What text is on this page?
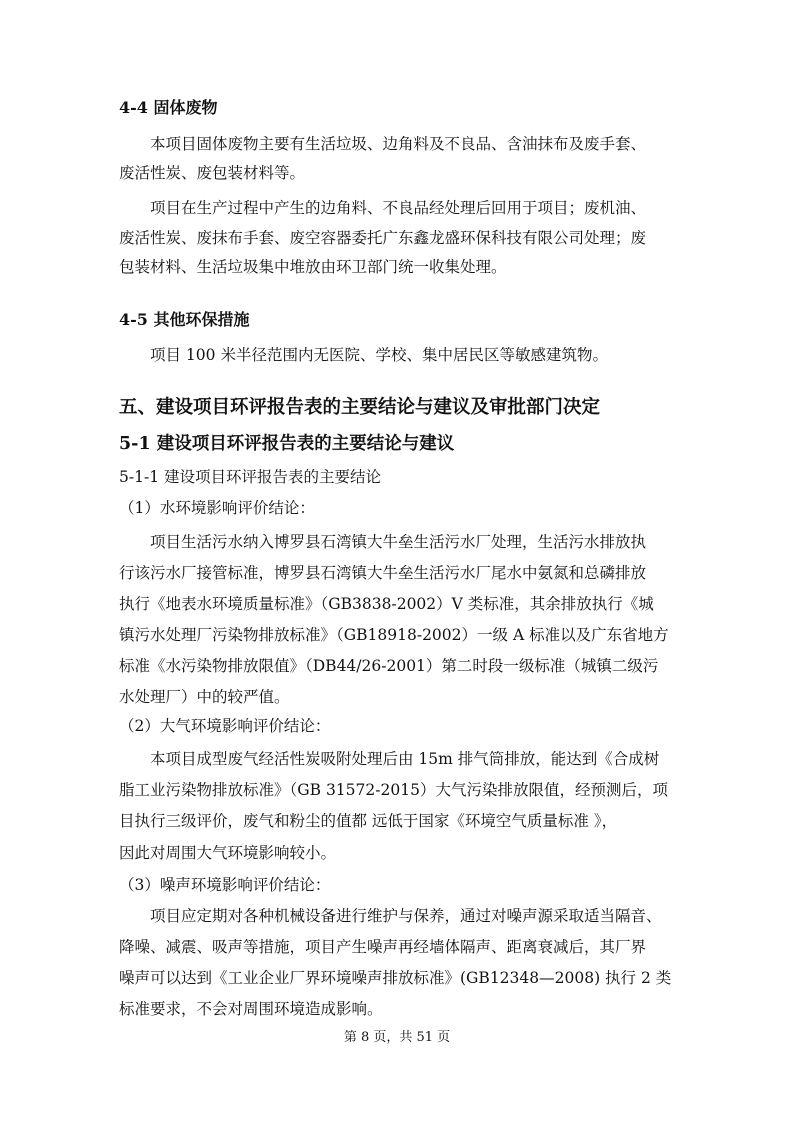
4-4 固体废物
本项目固体废物主要有生活垃圾、边角料及不良品、含油抹布及废手套、
废活性炭、废包装材料等。
项目在生产过程中产生的边角料、不良品经处理后回用于项目；废机油、
废活性炭、废抹布手套、废空容器委托广东鑫龙盛环保科技有限公司处理；废
包装材料、生活垃圾集中堆放由环卫部门统一收集处理。
4-5 其他环保措施
项目 100 米半径范围内无医院、学校、集中居民区等敏感建筑物。
五、建设项目环评报告表的主要结论与建议及审批部门决定
5-1 建设项目环评报告表的主要结论与建议
5-1-1 建设项目环评报告表的主要结论
（1）水环境影响评价结论：
项目生活污水纳入博罗县石湾镇大牛垒生活污水厂处理，生活污水排放执
行该污水厂接管标准，博罗县石湾镇大牛垒生活污水厂尾水中氨氮和总磷排放
执行《地表水环境质量标准》（GB3838-2002）V 类标准，其余排放执行《城
镇污水处理厂污染物排放标准》（GB18918-2002）一级 A 标准以及广东省地方
标准《水污染物排放限值》（DB44/26-2001）第二时段一级标准（城镇二级污
水处理厂）中的较严值。
（2）大气环境影响评价结论：
本项目成型废气经活性炭吸附处理后由 15m 排气筒排放，能达到《合成树
脂工业污染物排放标准》（GB 31572-2015）大气污染排放限值，经预测后，项
目执行三级评价，废气和粉尘的值都 远低于国家《环境空气质量标准 》，
因此对周围大气环境影响较小。
（3）噪声环境影响评价结论：
项目应定期对各种机械设备进行维护与保养，通过对噪声源采取适当隔音、
降噪、减震、吸声等措施，项目产生噪声再经墙体隔声、距离衰减后，其厂界
噪声可以达到《工业企业厂界环境噪声排放标准》(GB12348—2008) 执行 2 类
标准要求，不会对周围环境造成影响。
第 8 页，共 51 页
